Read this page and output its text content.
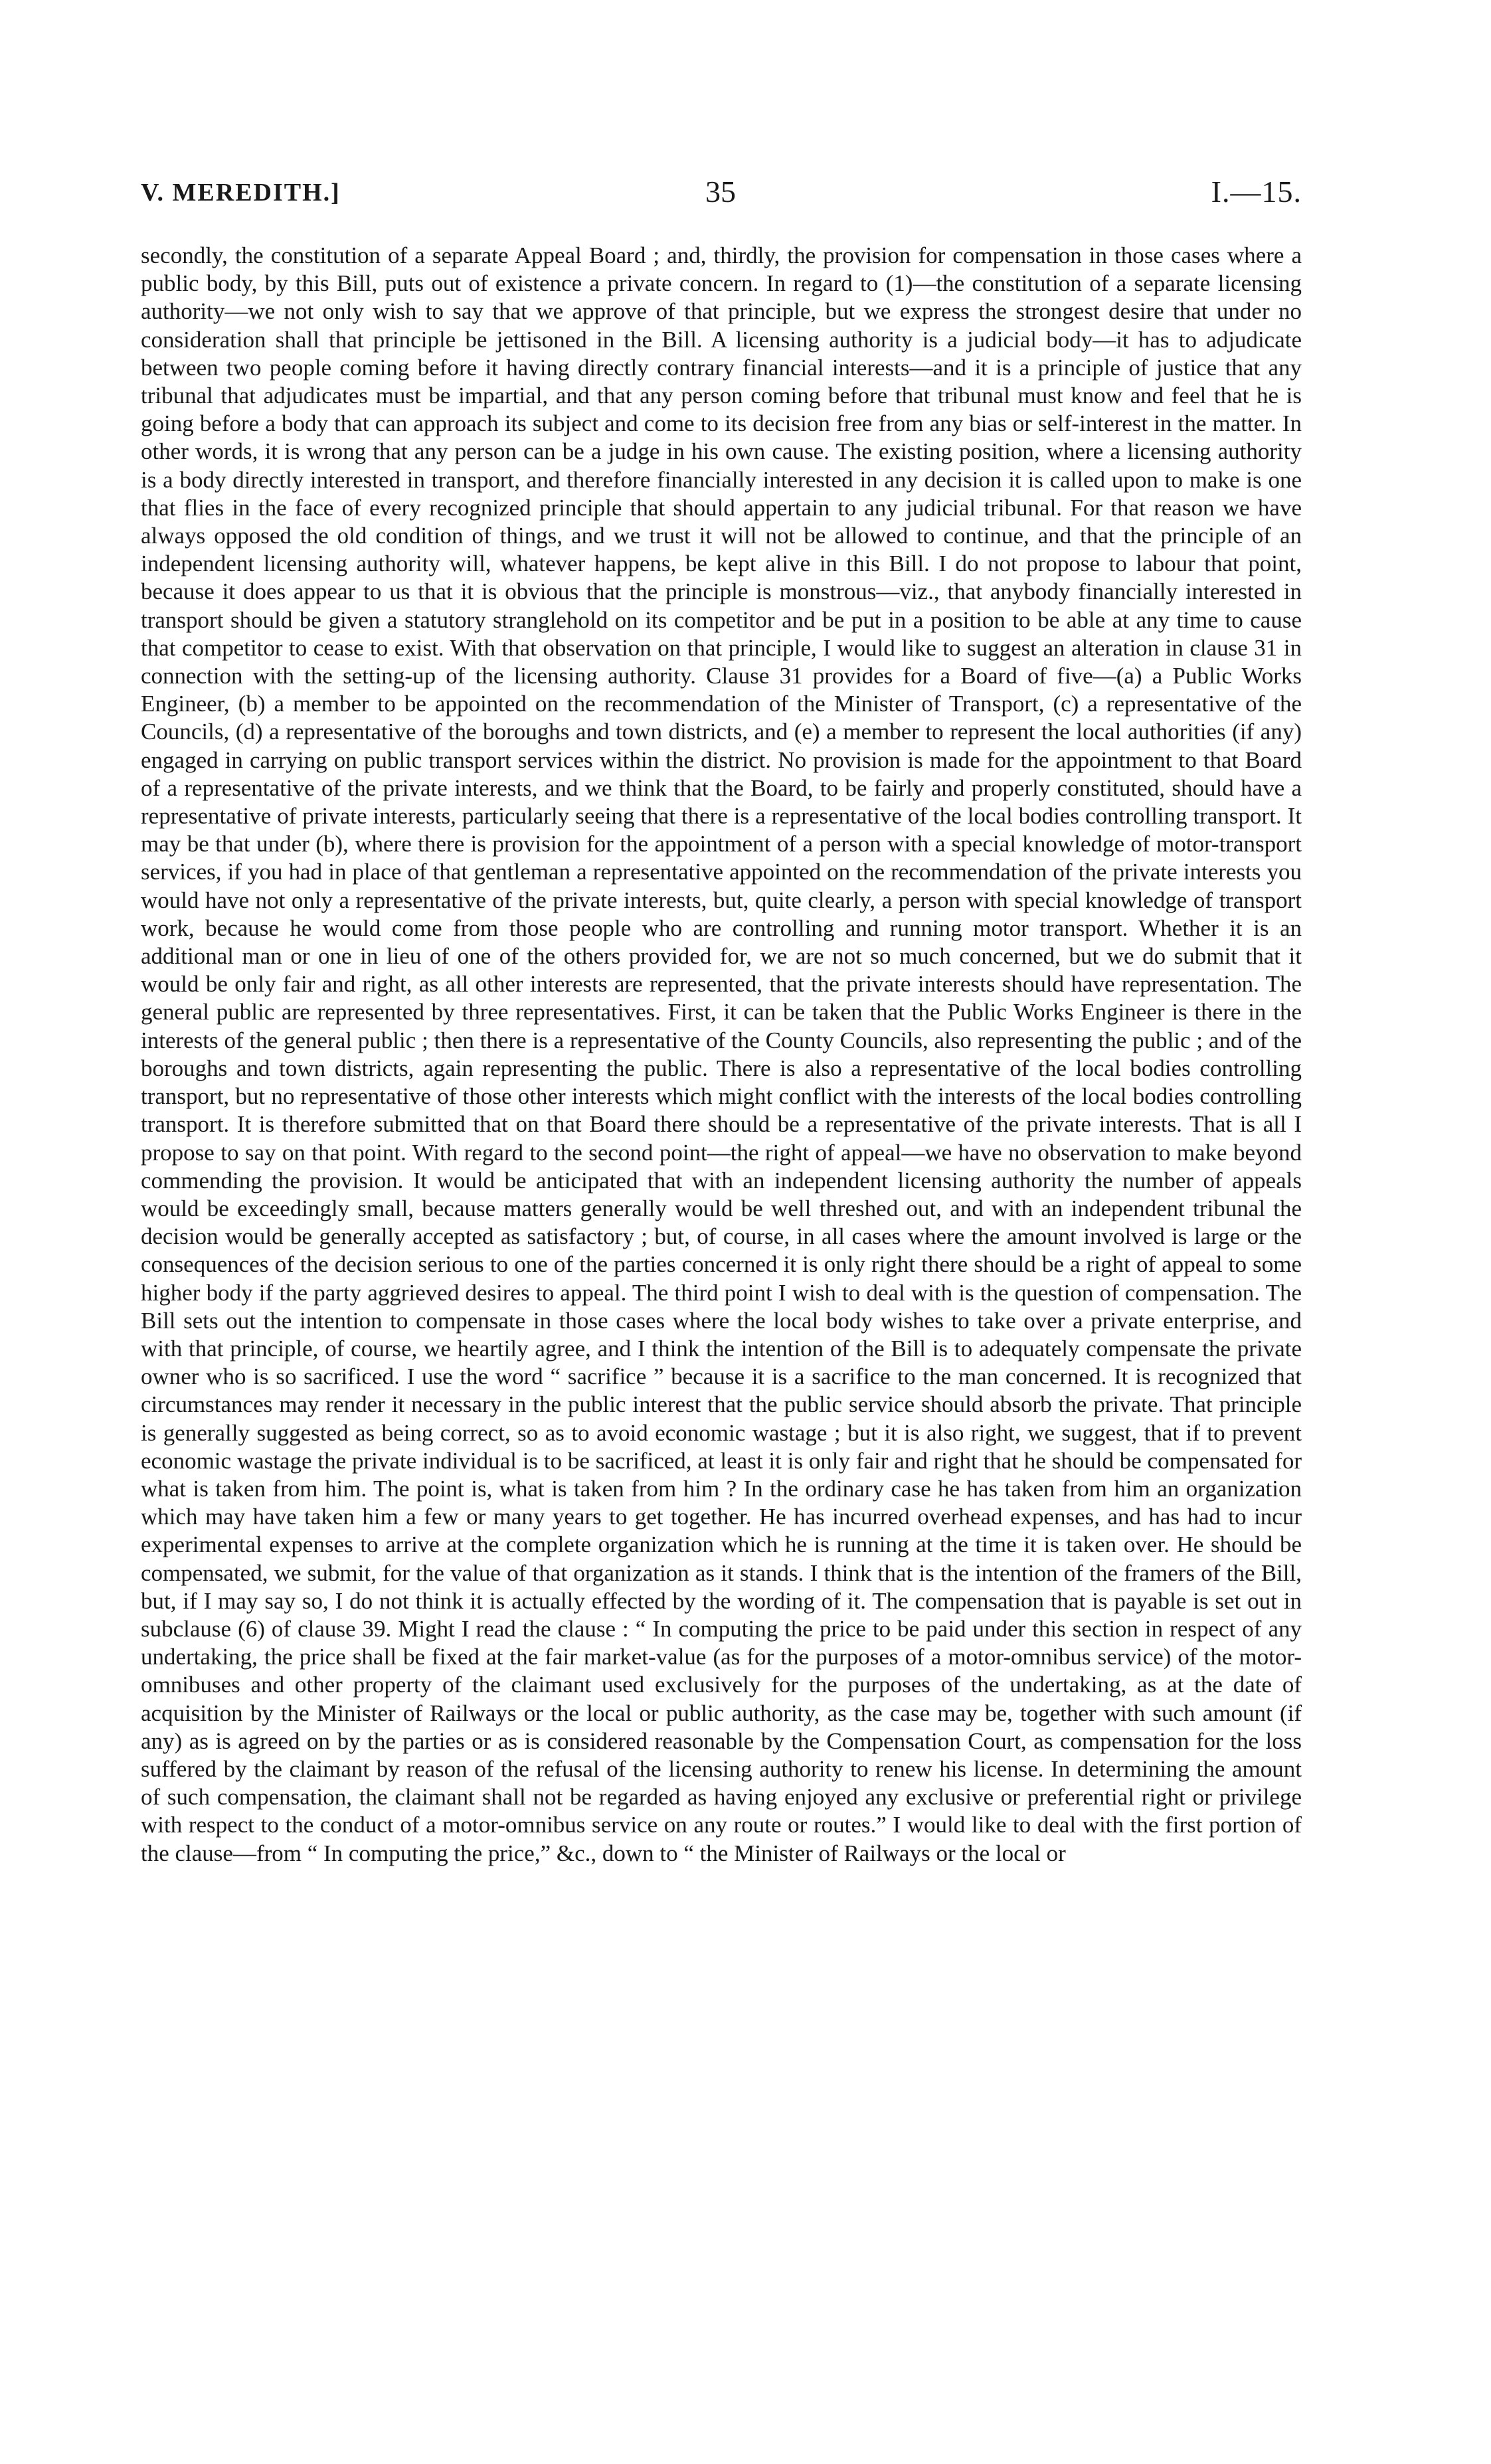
V. MEREDITH.]	35	I.—15.

secondly, the constitution of a separate Appeal Board ; and, thirdly, the provision for compensation in those cases where a public body, by this Bill, puts out of existence a private concern. In regard to (1)—the constitution of a separate licensing authority—we not only wish to say that we approve of that principle, but we express the strongest desire that under no consideration shall that principle be jettisoned in the Bill. A licensing authority is a judicial body—it has to adjudicate between two people coming before it having directly contrary financial interests—and it is a principle of justice that any tribunal that adjudicates must be impartial, and that any person coming before that tribunal must know and feel that he is going before a body that can approach its subject and come to its decision free from any bias or self-interest in the matter. In other words, it is wrong that any person can be a judge in his own cause. The existing position, where a licensing authority is a body directly interested in transport, and therefore financially interested in any decision it is called upon to make is one that flies in the face of every recognized principle that should appertain to any judicial tribunal. For that reason we have always opposed the old condition of things, and we trust it will not be allowed to continue, and that the principle of an independent licensing authority will, whatever happens, be kept alive in this Bill. I do not propose to labour that point, because it does appear to us that it is obvious that the principle is monstrous—viz., that anybody financially interested in transport should be given a statutory stranglehold on its competitor and be put in a position to be able at any time to cause that competitor to cease to exist. With that observation on that principle, I would like to suggest an alteration in clause 31 in connection with the setting-up of the licensing authority. Clause 31 provides for a Board of five—(a) a Public Works Engineer, (b) a member to be appointed on the recommendation of the Minister of Transport, (c) a representative of the Councils, (d) a representative of the boroughs and town districts, and (e) a member to represent the local authorities (if any) engaged in carrying on public transport services within the district. No provision is made for the appointment to that Board of a representative of the private interests, and we think that the Board, to be fairly and properly constituted, should have a representative of private interests, particularly seeing that there is a representative of the local bodies controlling transport. It may be that under (b), where there is provision for the appointment of a person with a special knowledge of motor-transport services, if you had in place of that gentleman a representative appointed on the recommendation of the private interests you would have not only a representative of the private interests, but, quite clearly, a person with special knowledge of transport work, because he would come from those people who are controlling and running motor transport. Whether it is an additional man or one in lieu of one of the others provided for, we are not so much concerned, but we do submit that it would be only fair and right, as all other interests are represented, that the private interests should have representation. The general public are represented by three representatives. First, it can be taken that the Public Works Engineer is there in the interests of the general public ; then there is a representative of the County Councils, also representing the public ; and of the boroughs and town districts, again representing the public. There is also a representative of the local bodies controlling transport, but no representative of those other interests which might conflict with the interests of the local bodies controlling transport. It is therefore submitted that on that Board there should be a representative of the private interests. That is all I propose to say on that point. With regard to the second point—the right of appeal—we have no observation to make beyond commending the provision. It would be anticipated that with an independent licensing authority the number of appeals would be exceedingly small, because matters generally would be well threshed out, and with an independent tribunal the decision would be generally accepted as satisfactory ; but, of course, in all cases where the amount involved is large or the consequences of the decision serious to one of the parties concerned it is only right there should be a right of appeal to some higher body if the party aggrieved desires to appeal. The third point I wish to deal with is the question of compensation. The Bill sets out the intention to compensate in those cases where the local body wishes to take over a private enterprise, and with that principle, of course, we heartily agree, and I think the intention of the Bill is to adequately compensate the private owner who is so sacrificed. I use the word “ sacrifice ” because it is a sacrifice to the man concerned. It is recognized that circumstances may render it necessary in the public interest that the public service should absorb the private. That principle is generally suggested as being correct, so as to avoid economic wastage ; but it is also right, we suggest, that if to prevent economic wastage the private individual is to be sacrificed, at least it is only fair and right that he should be compensated for what is taken from him. The point is, what is taken from him ? In the ordinary case he has taken from him an organization which may have taken him a few or many years to get together. He has incurred overhead expenses, and has had to incur experimental expenses to arrive at the complete organization which he is running at the time it is taken over. He should be compensated, we submit, for the value of that organization as it stands. I think that is the intention of the framers of the Bill, but, if I may say so, I do not think it is actually effected by the wording of it. The compensation that is payable is set out in subclause (6) of clause 39. Might I read the clause : “ In computing the price to be paid under this section in respect of any undertaking, the price shall be fixed at the fair market-value (as for the purposes of a motor-omnibus service) of the motor-omnibuses and other property of the claimant used exclusively for the purposes of the undertaking, as at the date of acquisition by the Minister of Railways or the local or public authority, as the case may be, together with such amount (if any) as is agreed on by the parties or as is considered reasonable by the Compensation Court, as compensation for the loss suffered by the claimant by reason of the refusal of the licensing authority to renew his license. In determining the amount of such compensation, the claimant shall not be regarded as having enjoyed any exclusive or preferential right or privilege with respect to the conduct of a motor-omnibus service on any route or routes.” I would like to deal with the first portion of the clause—from “ In computing the price,” &c., down to “ the Minister of Railways or the local or
